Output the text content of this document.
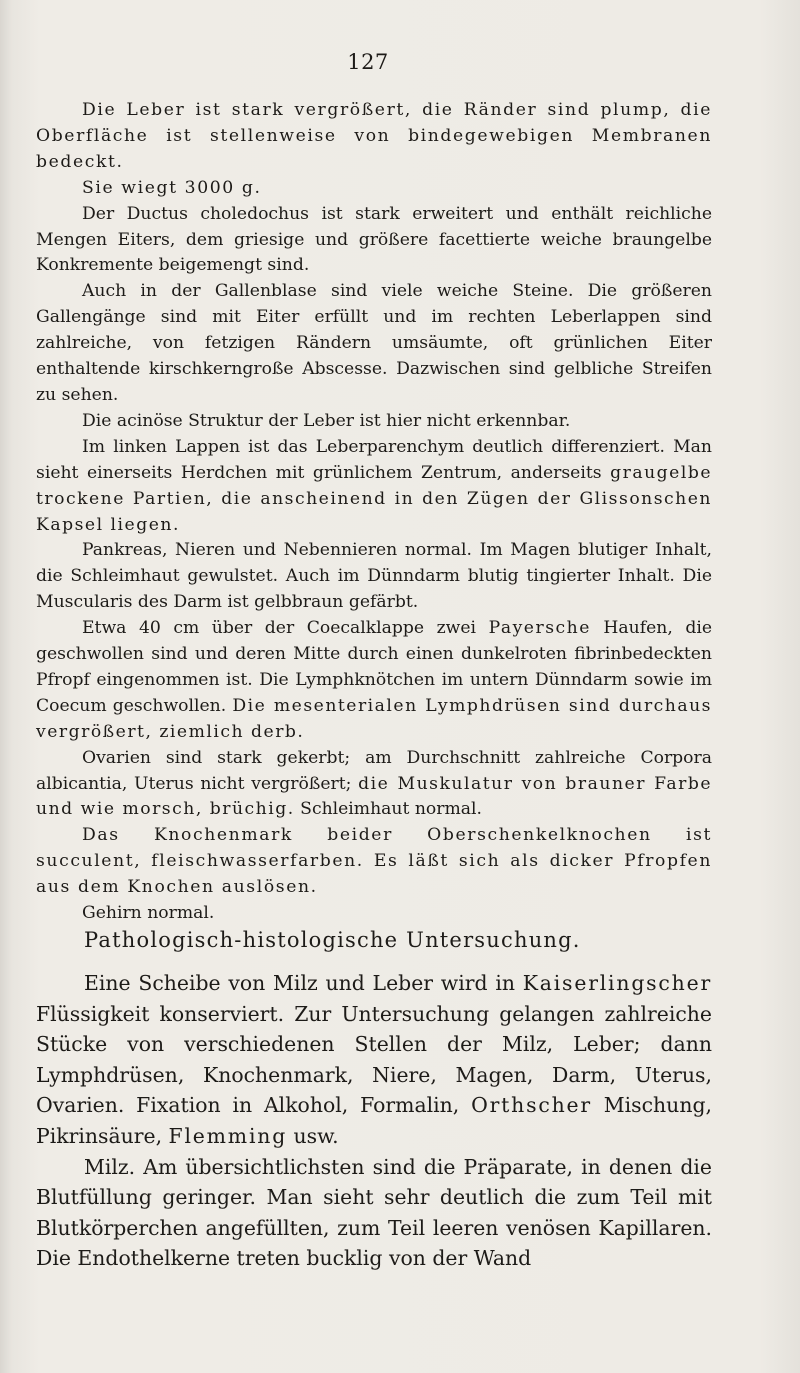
127

Die Leber ist stark vergrößert, die Ränder sind plump, die Oberfläche ist stellenweise von bindegewebigen Membranen bedeckt.

Sie wiegt 3000 g.

Der Ductus choledochus ist stark erweitert und enthält reichliche Mengen Eiters, dem griesige und größere facettierte weiche braungelbe Konkremente beigemengt sind.

Auch in der Gallenblase sind viele weiche Steine. Die größeren Gallengänge sind mit Eiter erfüllt und im rechten Leberlappen sind zahlreiche, von fetzigen Rändern umsäumte, oft grünlichen Eiter enthaltende kirschkerngroße Abscesse. Dazwischen sind gelbliche Streifen zu sehen.

Die acinöse Struktur der Leber ist hier nicht erkennbar.

Im linken Lappen ist das Leberparenchym deutlich differenziert. Man sieht einerseits Herdchen mit grünlichem Zentrum, anderseits graugelbe trockene Partien, die anscheinend in den Zügen der Glissonschen Kapsel liegen.

Pankreas, Nieren und Nebennieren normal. Im Magen blutiger Inhalt, die Schleimhaut gewulstet. Auch im Dünndarm blutig tingierter Inhalt. Die Muscularis des Darm ist gelbbraun gefärbt.

Etwa 40 cm über der Coecalklappe zwei Payersche Haufen, die geschwollen sind und deren Mitte durch einen dunkelroten fibrinbedeckten Pfropf eingenommen ist. Die Lymphknötchen im untern Dünndarm sowie im Coecum geschwollen. Die mesenterialen Lymphdrüsen sind durchaus vergrößert, ziemlich derb.

Ovarien sind stark gekerbt; am Durchschnitt zahlreiche Corpora albicantia, Uterus nicht vergrößert; die Muskulatur von brauner Farbe und wie morsch, brüchig. Schleimhaut normal.

Das Knochenmark beider Oberschenkelknochen ist succulent, fleischwasserfarben. Es läßt sich als dicker Pfropfen aus dem Knochen auslösen.

Gehirn normal.

Pathologisch-histologische Untersuchung.

Eine Scheibe von Milz und Leber wird in Kaiserlingscher Flüssigkeit konserviert. Zur Untersuchung gelangen zahlreiche Stücke von verschiedenen Stellen der Milz, Leber; dann Lymphdrüsen, Knochenmark, Niere, Magen, Darm, Uterus, Ovarien. Fixation in Alkohol, Formalin, Orthscher Mischung, Pikrinsäure, Flemming usw.

Milz. Am übersichtlichsten sind die Präparate, in denen die Blutfüllung geringer. Man sieht sehr deutlich die zum Teil mit Blutkörperchen angefüllten, zum Teil leeren venösen Kapillaren. Die Endothelkerne treten bucklig von der Wand
